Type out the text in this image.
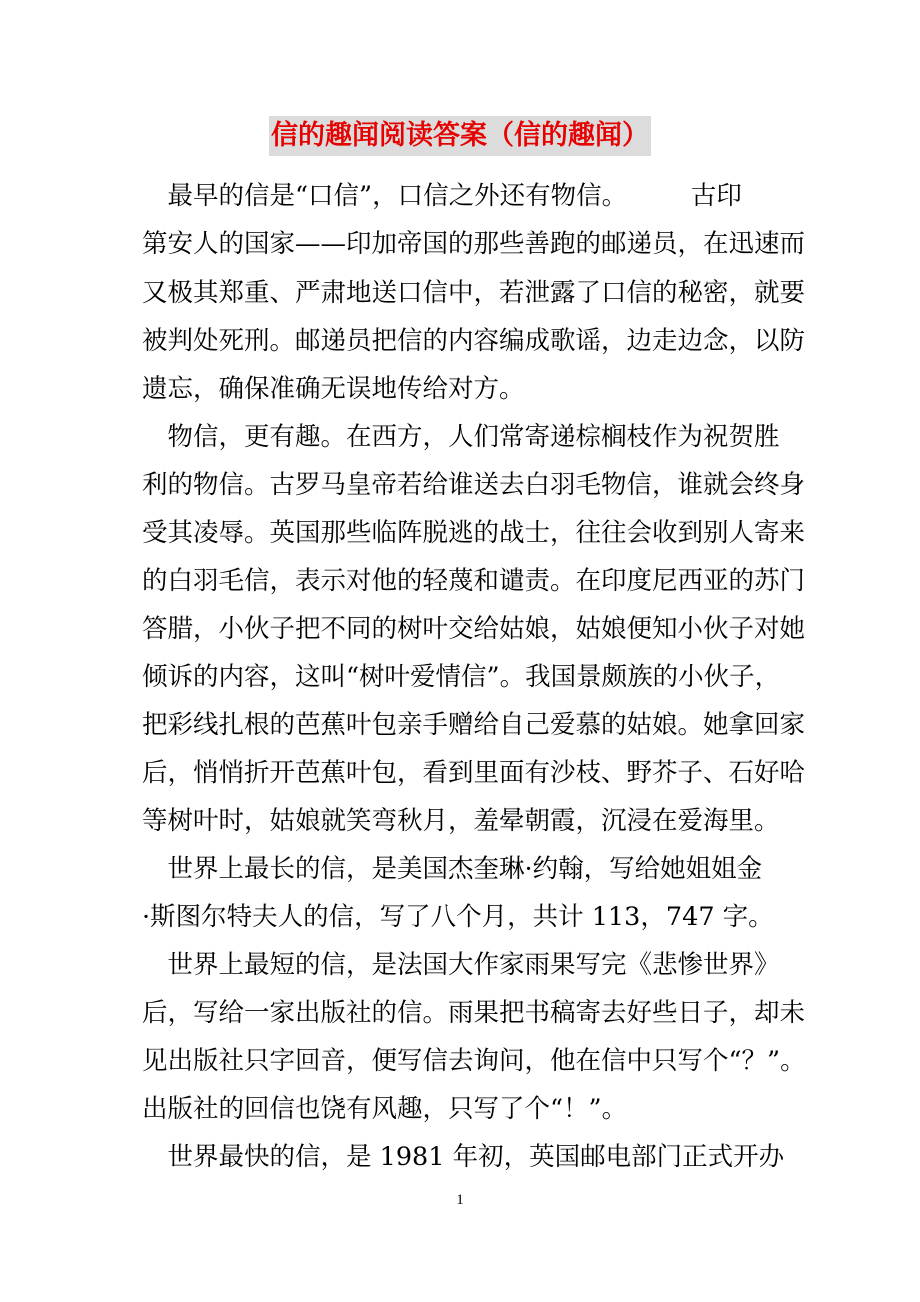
信的趣闻阅读答案（信的趣闻）
　最早的信是“口信”，口信之外还有物信。　　　古印
第安人的国家——印加帝国的那些善跑的邮递员，在迅速而
又极其郑重、严肃地送口信中，若泄露了口信的秘密，就要
被判处死刑。邮递员把信的内容编成歌谣，边走边念，以防
遗忘，确保准确无误地传给对方。
　物信，更有趣。在西方，人们常寄递棕榈枝作为祝贺胜
利的物信。古罗马皇帝若给谁送去白羽毛物信，谁就会终身
受其凌辱。英国那些临阵脱逃的战士，往往会收到别人寄来
的白羽毛信，表示对他的轻蔑和谴责。在印度尼西亚的苏门
答腊，小伙子把不同的树叶交给姑娘，姑娘便知小伙子对她
倾诉的内容，这叫“树叶爱情信”。我国景颇族的小伙子，
把彩线扎根的芭蕉叶包亲手赠给自己爱慕的姑娘。她拿回家
后，悄悄折开芭蕉叶包，看到里面有沙枝、野芥子、石好哈
等树叶时，姑娘就笑弯秋月，羞晕朝霞，沉浸在爱海里。
　世界上最长的信，是美国杰奎琳·约翰，写给她姐姐金
·斯图尔特夫人的信，写了八个月，共计 113，747 字。
　世界上最短的信，是法国大作家雨果写完《悲惨世界》
后，写给一家出版社的信。雨果把书稿寄去好些日子，却未
见出版社只字回音，便写信去询问，他在信中只写个“？”。
出版社的回信也饶有风趣，只写了个“！”。
　世界最快的信，是 1981 年初，英国邮电部门正式开办
1
